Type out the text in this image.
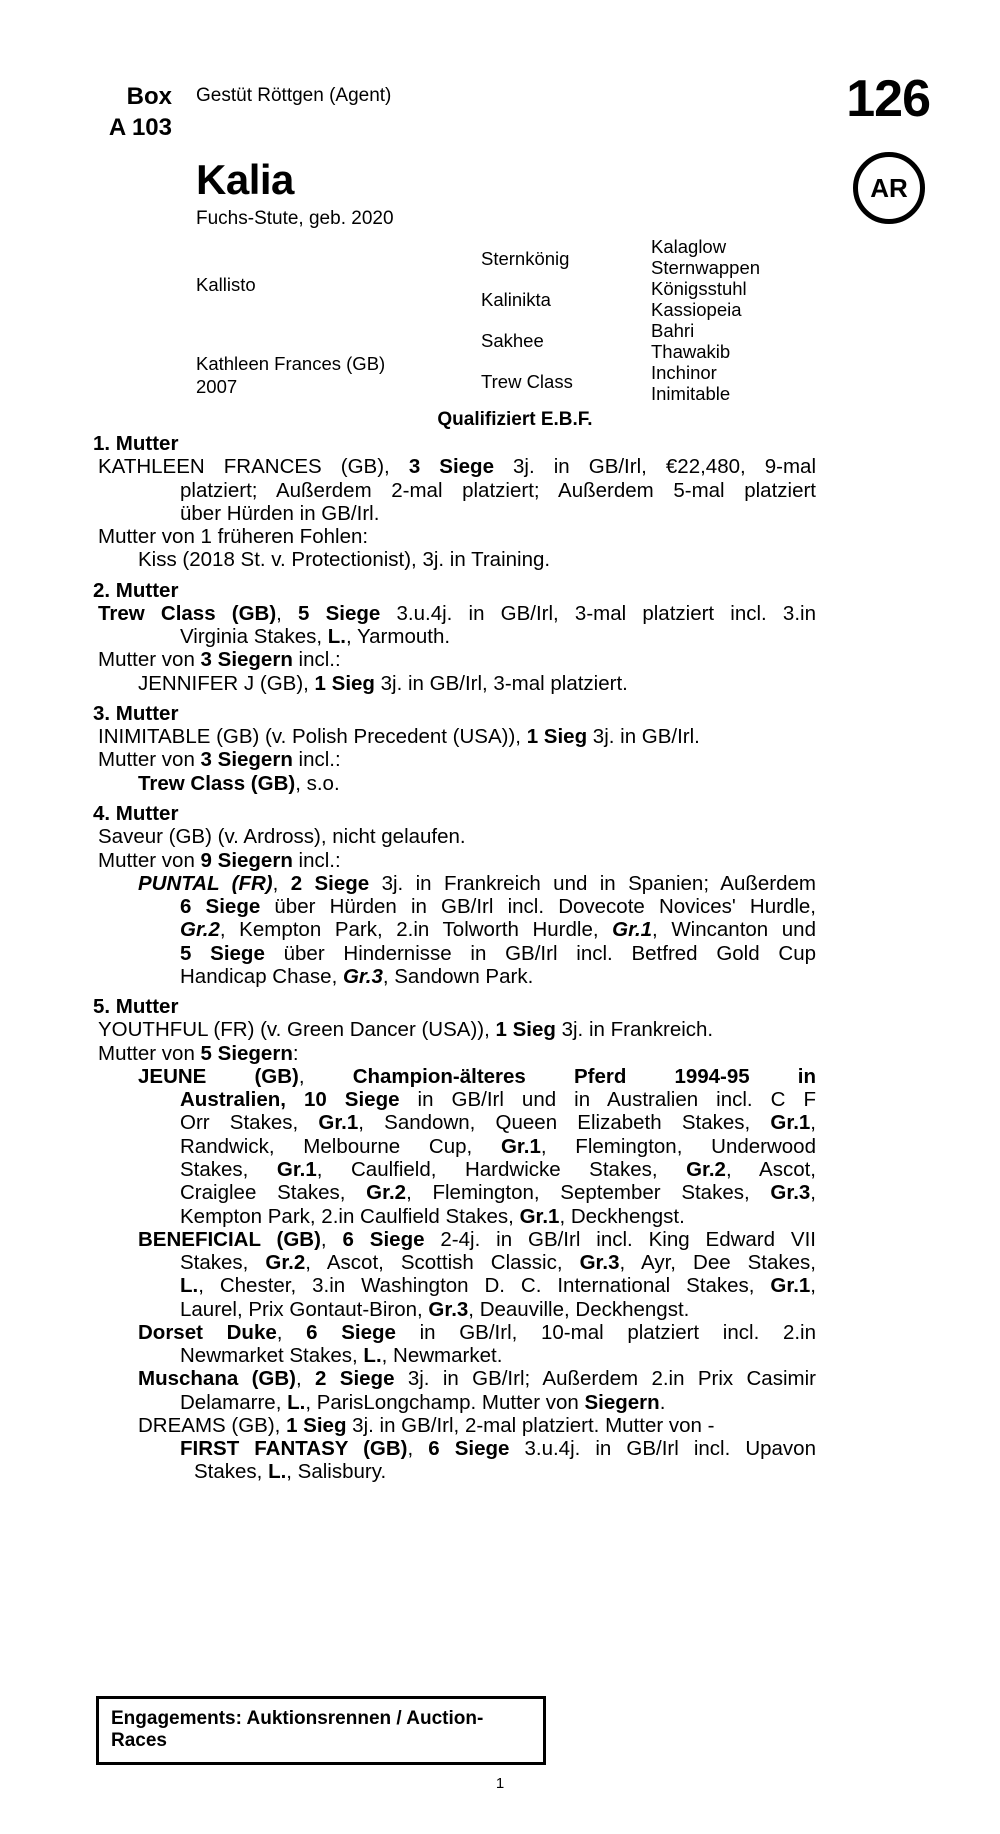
Box
A 103
Gestüt Röttgen (Agent)	126
AR
Kalia
Fuchs-Stute, geb. 2020
Kallisto
Kathleen Frances (GB)
2007
Sternkönig
Kalinikta
Sakhee
Trew Class
Kalaglow
Sternwappen
Königsstuhl
Kassiopeia
Bahri
Thawakib
Inchinor
Inimitable
Qualifiziert E.B.F.
1. Mutter
KATHLEEN FRANCES (GB), 3 Siege 3j. in GB/Irl, €22,480, 9-mal
platziert; Außerdem 2-mal platziert; Außerdem 5-mal platziert
über Hürden in GB/Irl.
Mutter von 1 früheren Fohlen:
Kiss (2018 St. v. Protectionist), 3j. in Training.
2. Mutter
Trew Class (GB), 5 Siege 3.u.4j. in GB/Irl, 3-mal platziert incl. 3.in
Virginia Stakes, L., Yarmouth.
Mutter von 3 Siegern incl.:
JENNIFER J (GB), 1 Sieg 3j. in GB/Irl, 3-mal platziert.
3. Mutter
INIMITABLE (GB) (v. Polish Precedent (USA)), 1 Sieg 3j. in GB/Irl.
Mutter von 3 Siegern incl.:
Trew Class (GB), s.o.
4. Mutter
Saveur (GB) (v. Ardross), nicht gelaufen.
Mutter von 9 Siegern incl.:
PUNTAL (FR), 2 Siege 3j. in Frankreich und in Spanien; Außerdem
6 Siege über Hürden in GB/Irl incl. Dovecote Novices' Hurdle,
Gr.2, Kempton Park, 2.in Tolworth Hurdle, Gr.1, Wincanton und
5 Siege über Hindernisse in GB/Irl incl. Betfred Gold Cup
Handicap Chase, Gr.3, Sandown Park.
5. Mutter
YOUTHFUL (FR) (v. Green Dancer (USA)), 1 Sieg 3j. in Frankreich.
Mutter von 5 Siegern:
JEUNE (GB), Champion-älteres Pferd 1994-95 in
Australien, 10 Siege in GB/Irl und in Australien incl. C F
Orr Stakes, Gr.1, Sandown, Queen Elizabeth Stakes, Gr.1,
Randwick, Melbourne Cup, Gr.1, Flemington, Underwood
Stakes, Gr.1, Caulfield, Hardwicke Stakes, Gr.2, Ascot,
Craiglee Stakes, Gr.2, Flemington, September Stakes, Gr.3,
Kempton Park, 2.in Caulfield Stakes, Gr.1, Deckhengst.
BENEFICIAL (GB), 6 Siege 2-4j. in GB/Irl incl. King Edward VII
Stakes, Gr.2, Ascot, Scottish Classic, Gr.3, Ayr, Dee Stakes,
L., Chester, 3.in Washington D. C. International Stakes, Gr.1,
Laurel, Prix Gontaut-Biron, Gr.3, Deauville, Deckhengst.
Dorset Duke, 6 Siege in GB/Irl, 10-mal platziert incl. 2.in
Newmarket Stakes, L., Newmarket.
Muschana (GB), 2 Siege 3j. in GB/Irl; Außerdem 2.in Prix Casimir
Delamarre, L., ParisLongchamp. Mutter von Siegern.
DREAMS (GB), 1 Sieg 3j. in GB/Irl, 2-mal platziert. Mutter von -
FIRST FANTASY (GB), 6 Siege 3.u.4j. in GB/Irl incl. Upavon
Stakes, L., Salisbury.
Engagements: Auktionsrennen / Auction-Races
1
